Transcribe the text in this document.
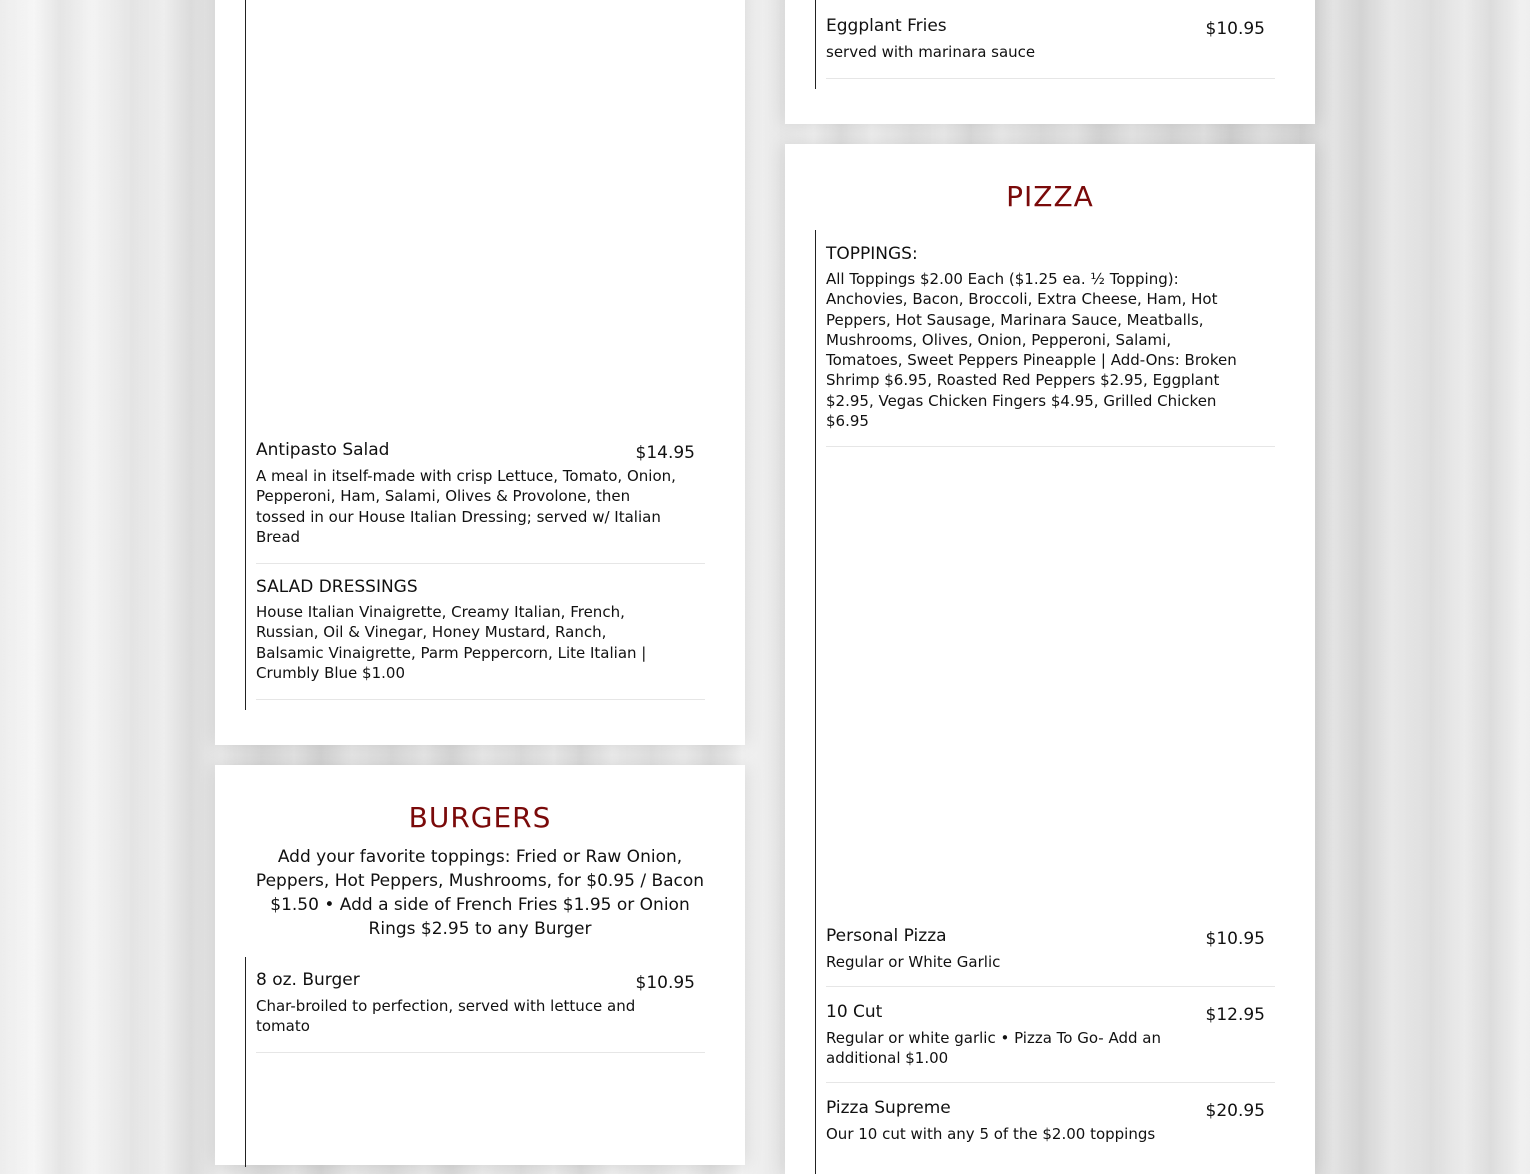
Antipasto Salad	$14.95
A meal in itself-made with crisp Lettuce, Tomato, Onion, Pepperoni, Ham, Salami, Olives & Provolone, then tossed in our House Italian Dressing; served w/ Italian Bread
SALAD DRESSINGS
House Italian Vinaigrette, Creamy Italian, French, Russian, Oil & Vinegar, Honey Mustard, Ranch, Balsamic Vinaigrette, Parm Peppercorn, Lite Italian | Crumbly Blue $1.00
BURGERS
Add your favorite toppings: Fried or Raw Onion, Peppers, Hot Peppers, Mushrooms, for $0.95 / Bacon $1.50 • Add a side of French Fries $1.95 or Onion Rings $2.95 to any Burger
8 oz. Burger	$10.95
Char-broiled to perfection, served with lettuce and tomato
Eggplant Fries	$10.95
served with marinara sauce
PIZZA
TOPPINGS:
All Toppings $2.00 Each ($1.25 ea. ½ Topping): Anchovies, Bacon, Broccoli, Extra Cheese, Ham, Hot Peppers, Hot Sausage, Marinara Sauce, Meatballs, Mushrooms, Olives, Onion, Pepperoni, Salami, Tomatoes, Sweet Peppers Pineapple | Add-Ons: Broken Shrimp $6.95, Roasted Red Peppers $2.95, Eggplant $2.95, Vegas Chicken Fingers $4.95, Grilled Chicken $6.95
Personal Pizza	$10.95
Regular or White Garlic
10 Cut	$12.95
Regular or white garlic • Pizza To Go- Add an additional $1.00
Pizza Supreme	$20.95
Our 10 cut with any 5 of the $2.00 toppings
